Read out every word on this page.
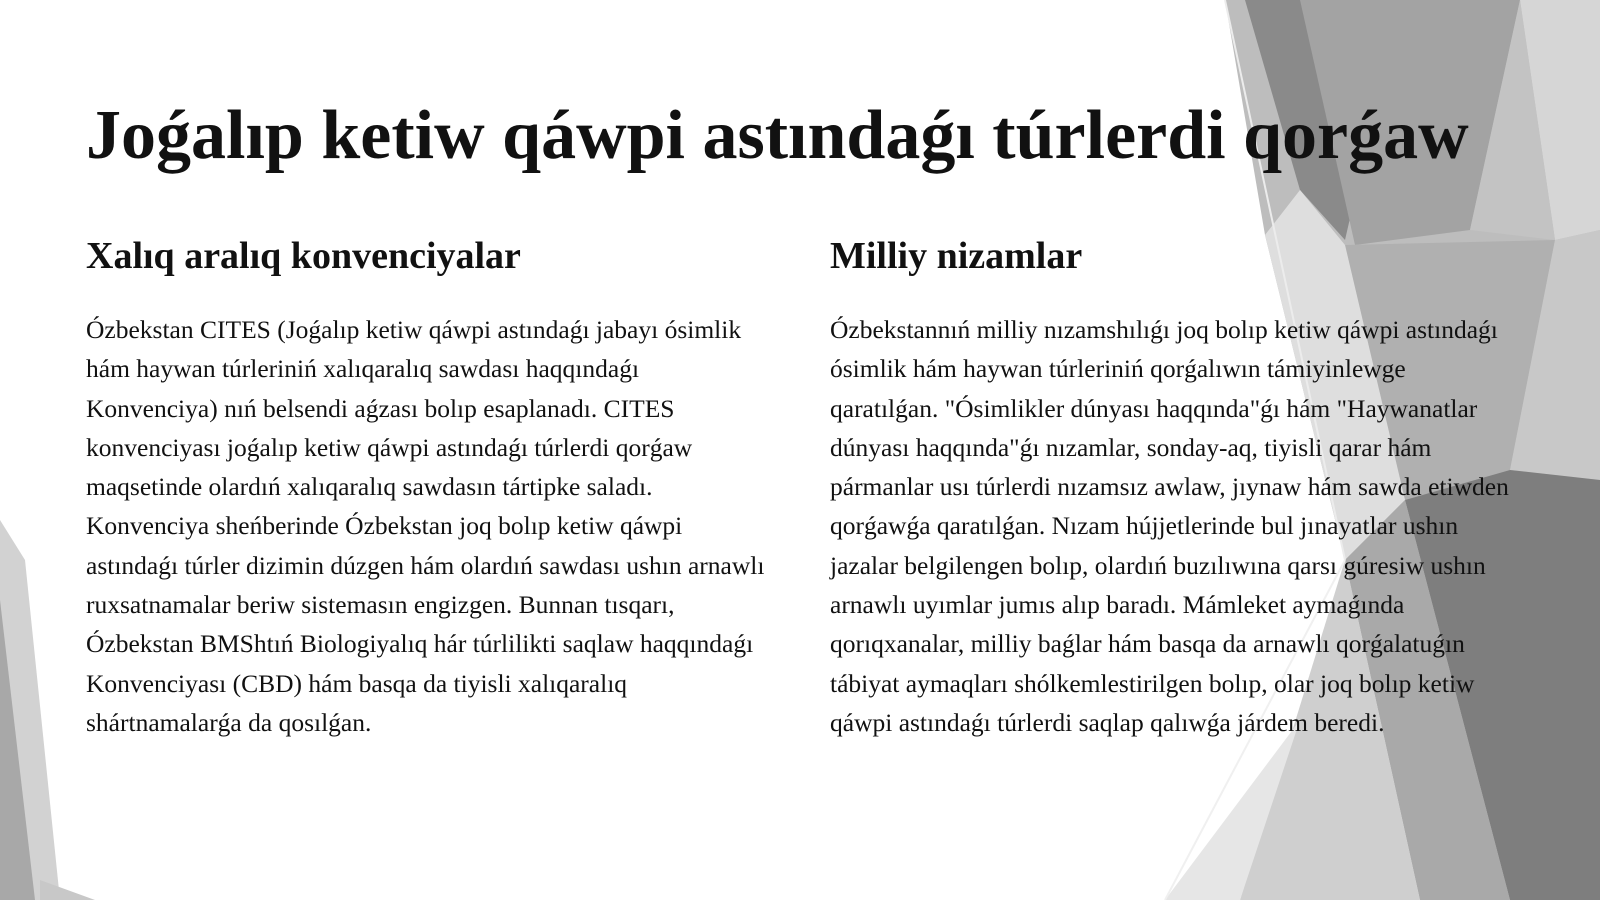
Joǵalıp ketiw qáwpi astındaǵı túrlerdi qorǵaw
Xalıq aralıq konvenciyalar

Ózbekstan CITES (Joǵalıp ketiw qáwpi astındaǵı jabayı ósimlik hám haywan túrleriniń xalıqaralıq sawdası haqqındaǵı Konvenciya) nıń belsendi aǵzası bolıp esaplanadı. CITES konvenciyası joǵalıp ketiw qáwpi astındaǵı túrlerdi qorǵaw maqsetinde olardıń xalıqaralıq sawdasın tártipke saladı. Konvenciya sheńberinde Ózbekstan joq bolıp ketiw qáwpi astındaǵı túrler dizimin dúzgen hám olardıń sawdası ushın arnawlı ruxsatnamalar beriw sistemasın engizgen. Bunnan tısqarı, Ózbekstan BMShtıń Biologiyalıq hár túrlilikti saqlaw haqqındaǵı Konvenciyası (CBD) hám basqa da tiyisli xalıqaralıq shártnamalarǵa da qosılǵan.

Milliy nizamlar

Ózbekstannıń milliy nızamshılıǵı joq bolıp ketiw qáwpi astındaǵı ósimlik hám haywan túrleriniń qorǵalıwın támiyinlewge qaratılǵan. "Ósimlikler dúnyası haqqında"ǵı hám "Haywanatlar dúnyası haqqında"ǵı nızamlar, sonday-aq, tiyisli qarar hám pármanlar usı túrlerdi nızamsız awlaw, jıynaw hám sawda etiwden qorǵawǵa qaratılǵan. Nızam hújjetlerinde bul jınayatlar ushın jazalar belgilengen bolıp, olardıń buzılıwına qarsı gúresiw ushın arnawlı uyımlar jumıs alıp baradı. Mámleket aymaǵında qorıqxanalar, milliy baǵlar hám basqa da arnawlı qorǵalatuǵın tábiyat aymaqları shólkemlestirilgen bolıp, olar joq bolıp ketiw qáwpi astındaǵı túrlerdi saqlap qalıwǵa járdem beredi.
